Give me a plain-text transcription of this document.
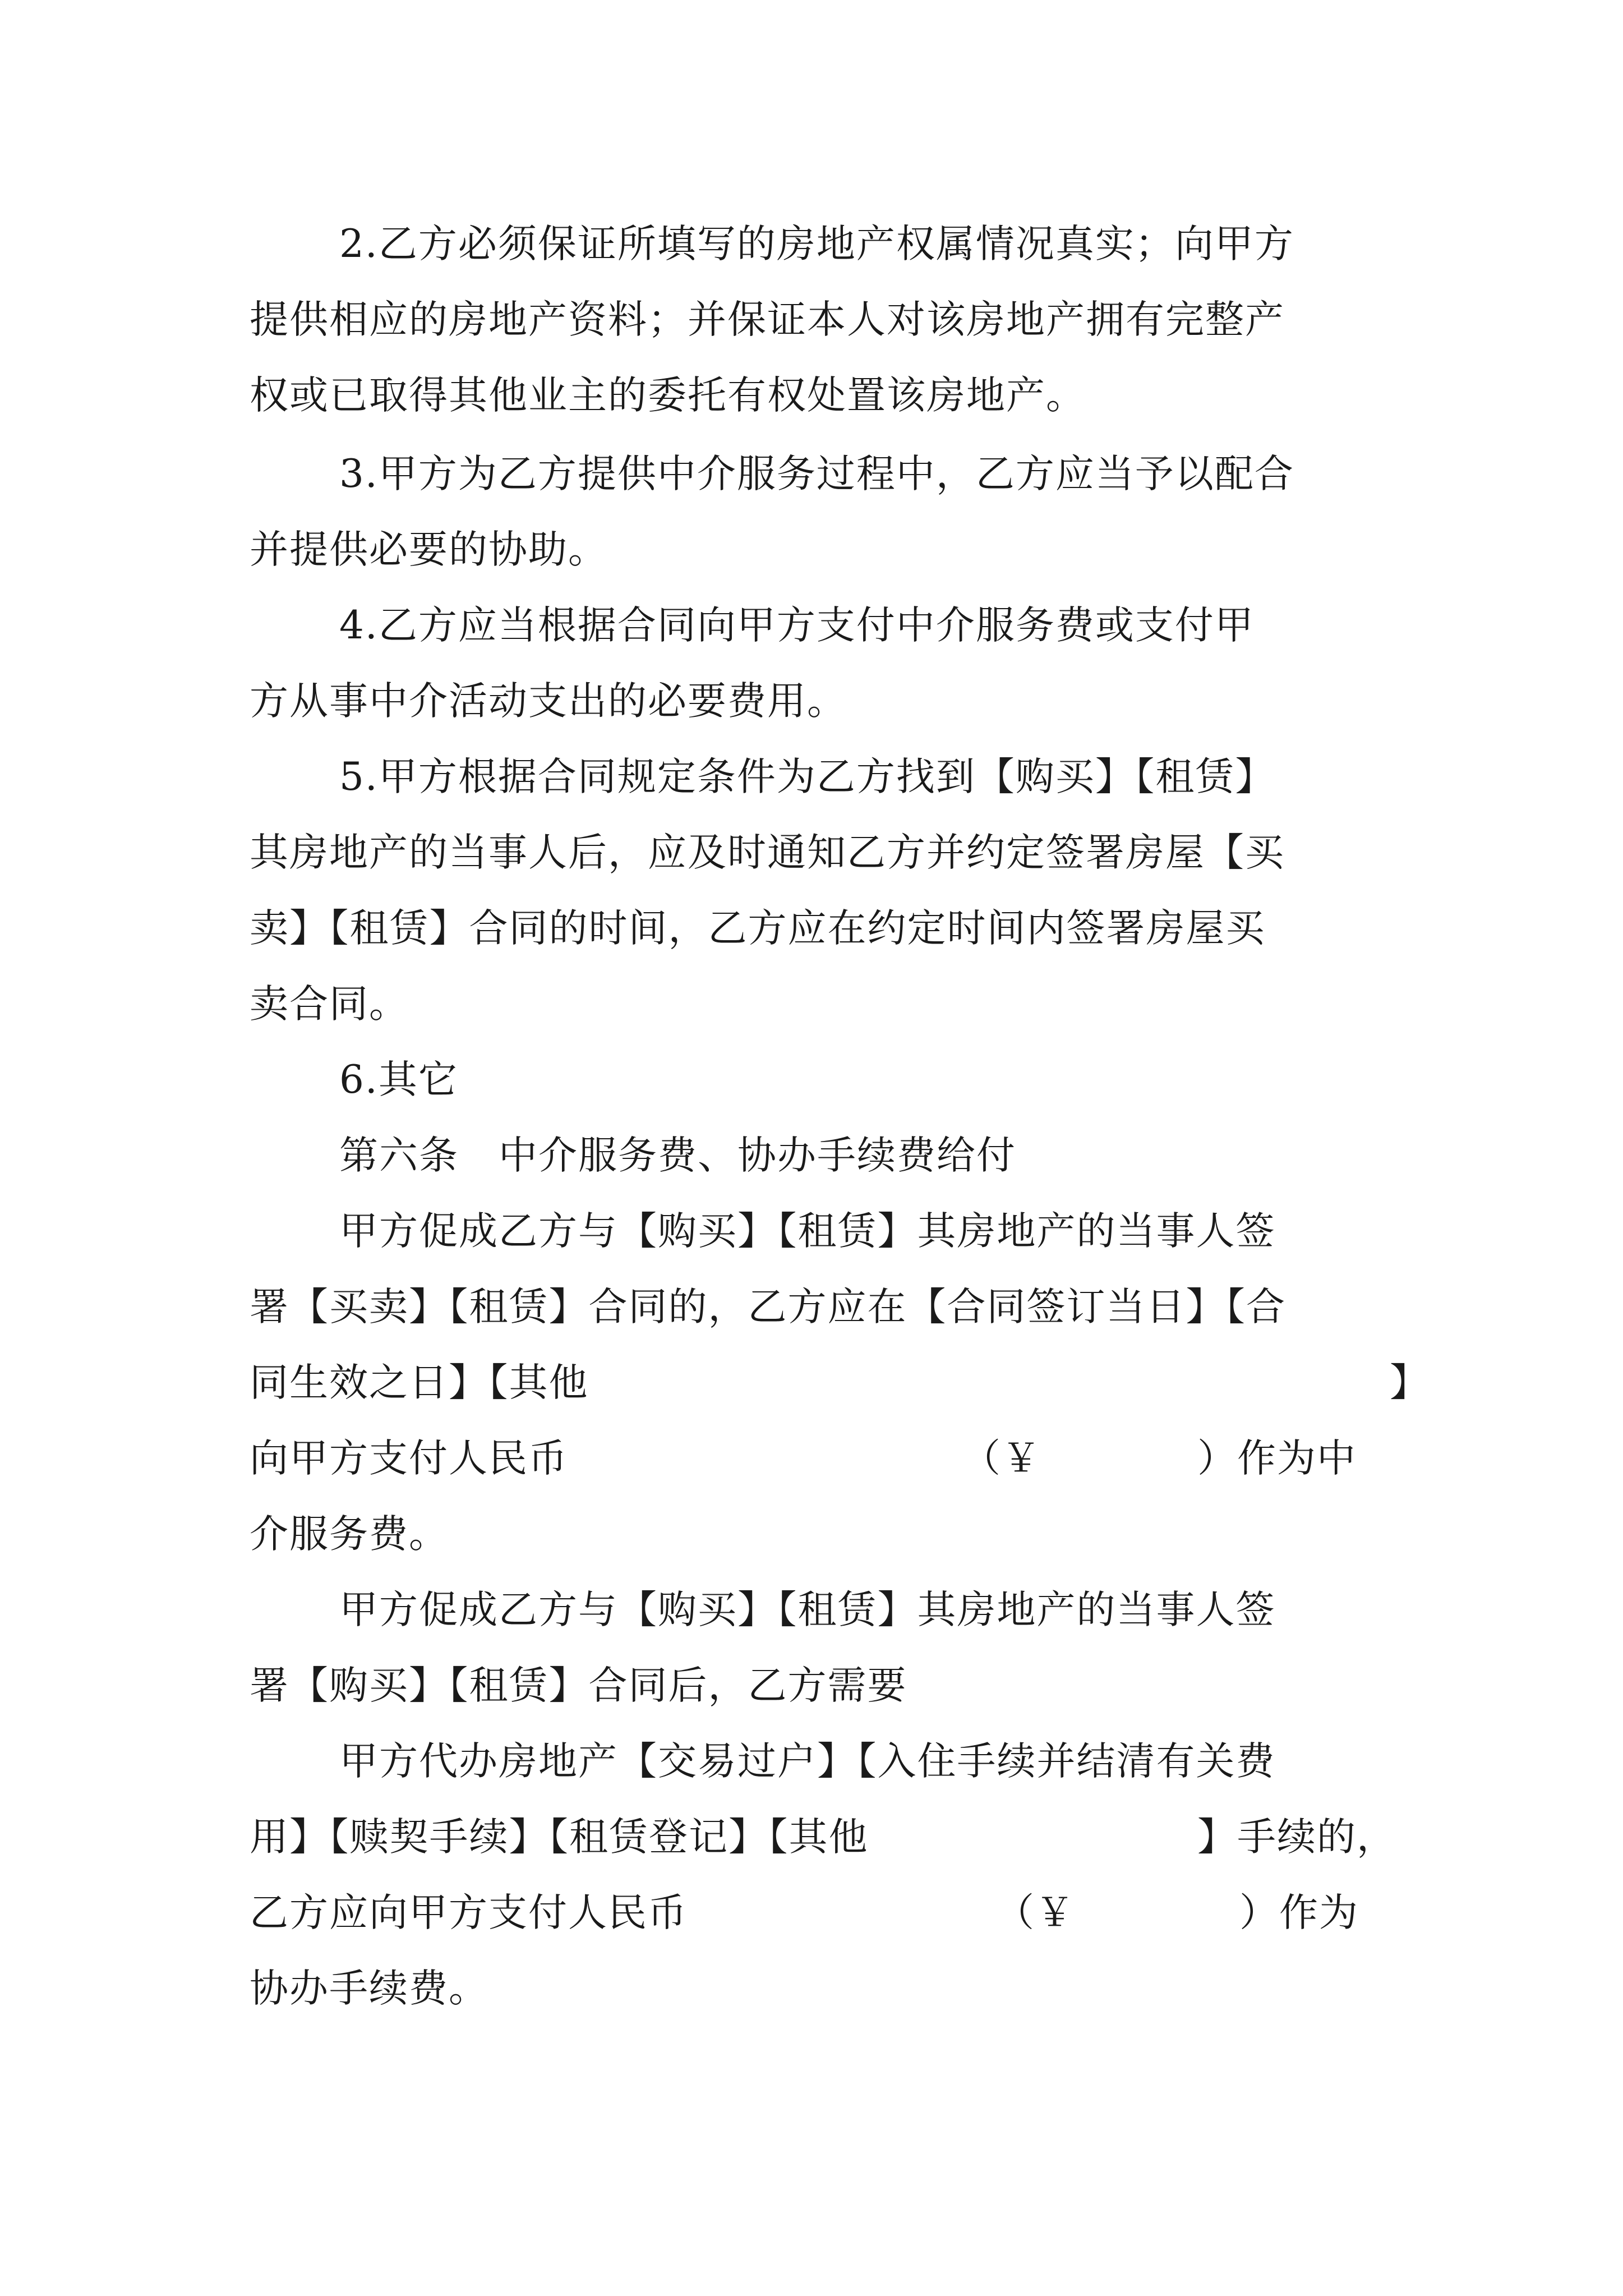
2.乙方必须保证所填写的房地产权属情况真实；向甲方
提供相应的房地产资料；并保证本人对该房地产拥有完整产
权或已取得其他业主的委托有权处置该房地产。
3.甲方为乙方提供中介服务过程中，乙方应当予以配合
并提供必要的协助。
4.乙方应当根据合同向甲方支付中介服务费或支付甲
方从事中介活动支出的必要费用。
5.甲方根据合同规定条件为乙方找到【购买】【租赁】
其房地产的当事人后，应及时通知乙方并约定签署房屋【买
卖】【租赁】合同的时间，乙方应在约定时间内签署房屋买
卖合同。
6.其它
第六条　中介服务费、协办手续费给付
甲方促成乙方与【购买】【租赁】其房地产的当事人签
署【买卖】【租赁】合同的，乙方应在【合同签订当日】【合
同生效之日】【其他	】
向甲方支付人民币	（￥	）作为中
介服务费。
甲方促成乙方与【购买】【租赁】其房地产的当事人签
署【购买】【租赁】合同后，乙方需要
甲方代办房地产【交易过户】【入住手续并结清有关费
用】【赎契手续】【租赁登记】【其他	】手续的，
乙方应向甲方支付人民币	（￥	）作为
协办手续费。
